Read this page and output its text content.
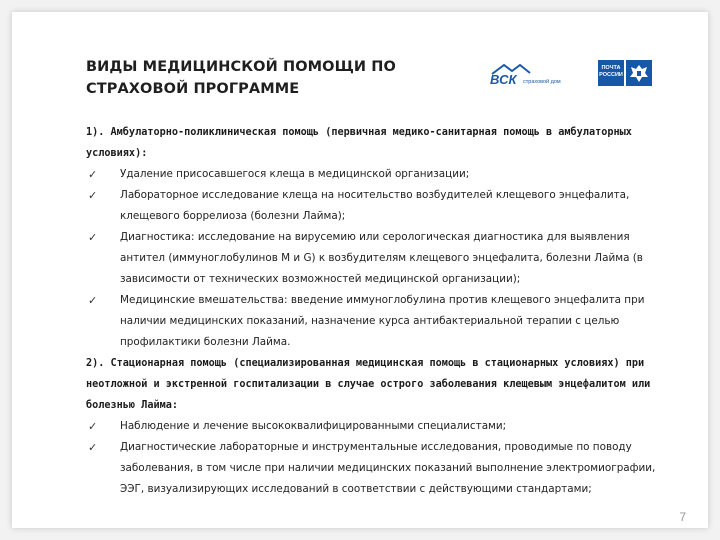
ВИДЫ МЕДИЦИНСКОЙ ПОМОЩИ ПО
СТРАХОВОЙ ПРОГРАММЕ
ВСК страховой дом
ПОЧТА РОССИИ
1). Амбулаторно-поликлиническая помощь (первичная медико-санитарная помощь в амбулаторных условиях):
✓ Удаление присосавшегося клеща в медицинской организации;
✓ Лабораторное исследование клеща на носительство возбудителей клещевого энцефалита, клещевого боррелиоза (болезни Лайма);
✓ Диагностика: исследование на вирусемию или серологическая диагностика для выявления антител (иммуноглобулинов M и G) к возбудителям клещевого энцефалита, болезни Лайма (в зависимости от технических возможностей медицинской организации);
✓ Медицинские вмешательства: введение иммуноглобулина против клещевого энцефалита при наличии медицинских показаний, назначение курса антибактериальной терапии с целью профилактики болезни Лайма.
2). Стационарная помощь (специализированная медицинская помощь в стационарных условиях) при неотложной и экстренной госпитализации в случае острого заболевания клещевым энцефалитом или болезнью Лайма:
✓ Наблюдение и лечение высококвалифицированными специалистами;
✓ Диагностические лабораторные и инструментальные исследования, проводимые по поводу заболевания, в том числе при наличии медицинских показаний выполнение электромиографии, ЭЭГ, визуализирующих исследований в соответствии с действующими стандартами;
7
